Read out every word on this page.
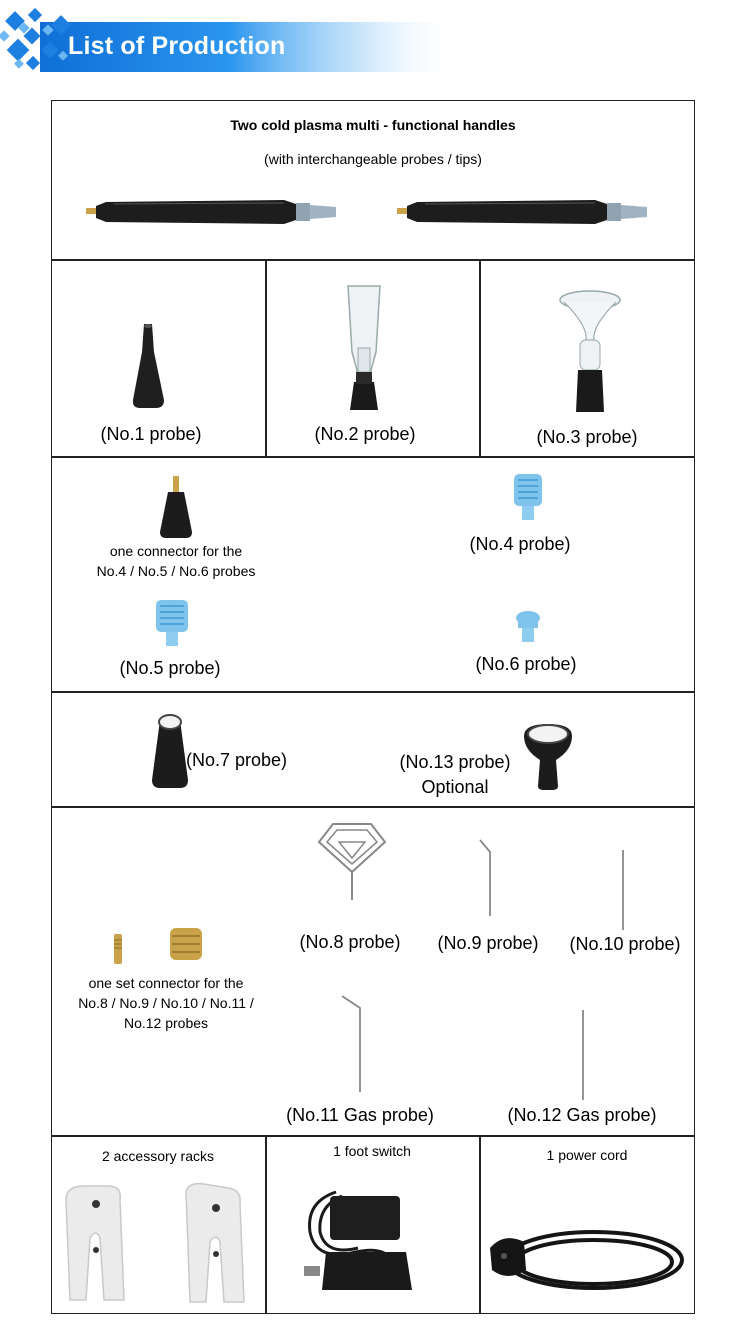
List of Production
Two cold plasma multi - functional handles
(with interchangeable probes / tips)
(No.1 probe)	(No.2 probe)	(No.3 probe)
one connector for the
No.4 / No.5 / No.6 probes
(No.4 probe)
(No.5 probe)	(No.6 probe)
(No.7 probe)	(No.13 probe)
Optional
(No.8 probe)	(No.9 probe)	(No.10 probe)
one set connector for the
No.8 / No.9 / No.10 / No.11 /
No.12 probes
(No.11 Gas probe)	(No.12 Gas probe)
2 accessory racks	1 foot switch	1 power cord
